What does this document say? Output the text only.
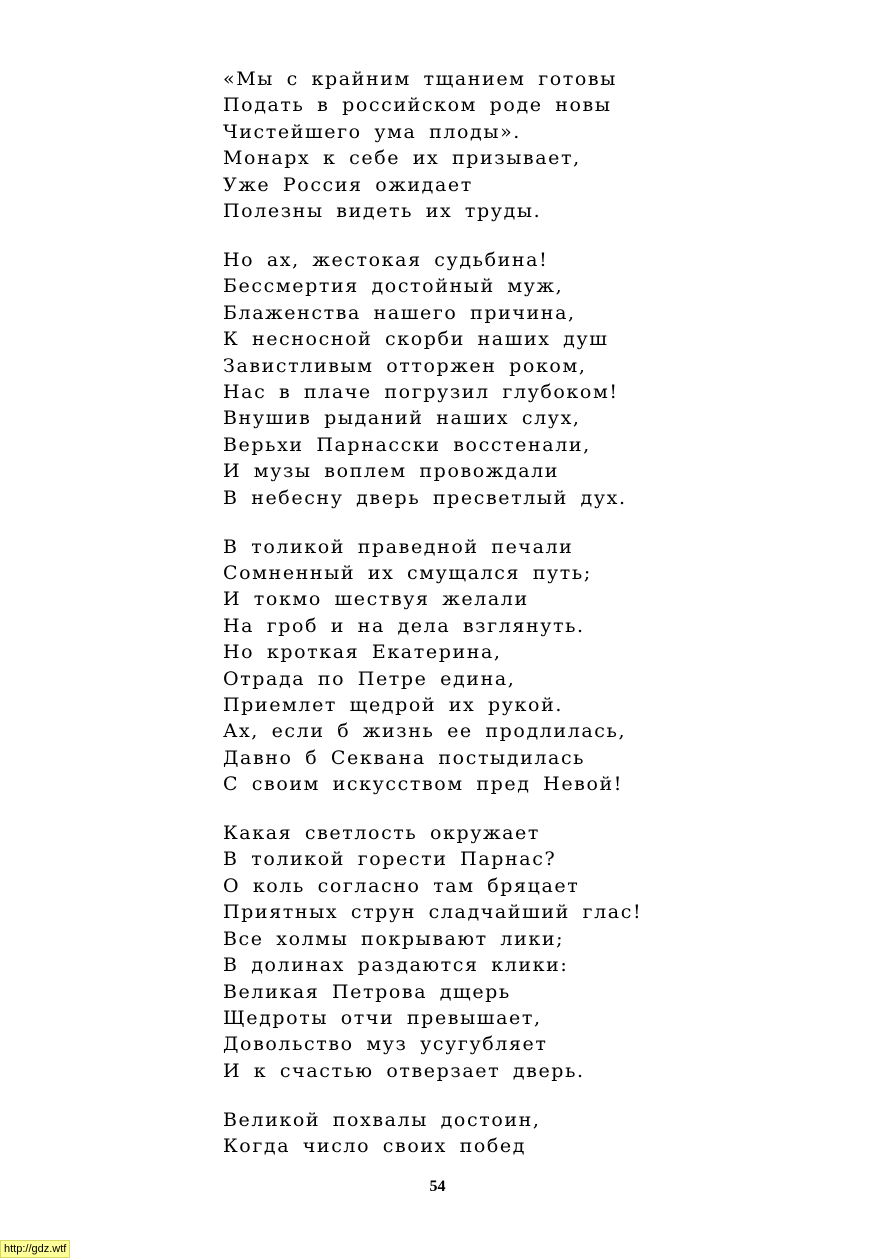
«Мы с крайним тщанием готовы
Подать в российском роде новы
Чистейшего ума плоды».
Монарх к себе их призывает,
Уже Россия ожидает
Полезны видеть их труды.
Но ах, жестокая судьбина!
Бессмертия достойный муж,
Блаженства нашего причина,
К несносной скорби наших душ
Завистливым отторжен роком,
Нас в плаче погрузил глубоком!
Внушив рыданий наших слух,
Верьхи Парнасски восстенали,
И музы воплем провождали
В небесну дверь пресветлый дух.
В толикой праведной печали
Сомненный их смущался путь;
И токмо шествуя желали
На гроб и на дела взглянуть.
Но кроткая Екатерина,
Отрада по Петре едина,
Приемлет щедрой их рукой.
Ах, если б жизнь ее продлилась,
Давно б Секвана постыдилась
С своим искусством пред Невой!
Какая светлость окружает
В толикой горести Парнас?
О коль согласно там бряцает
Приятных струн сладчайший глас!
Все холмы покрывают лики;
В долинах раздаются клики:
Великая Петрова дщерь
Щедроты отчи превышает,
Довольство муз усугубляет
И к счастью отверзает дверь.
Великой похвалы достоин,
Когда число своих побед
54
http://gdz.wtf
